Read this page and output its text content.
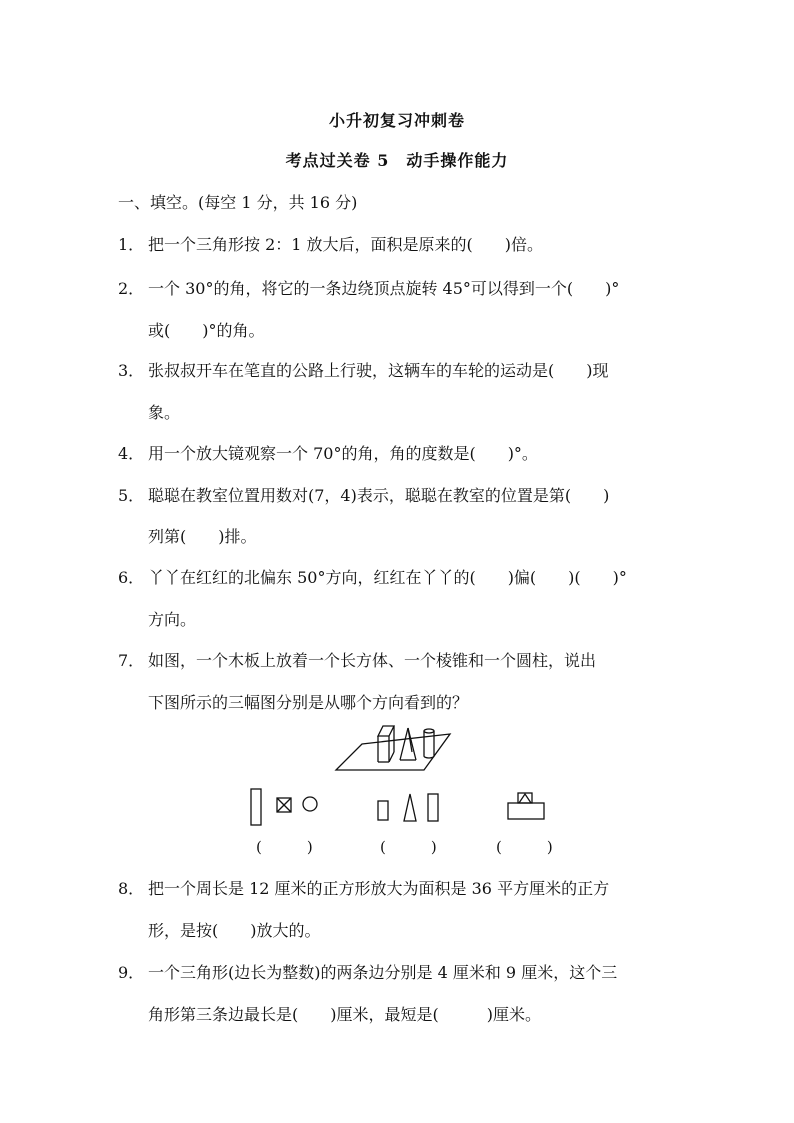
小升初复习冲刺卷
考点过关卷 5　动手操作能力
一、填空。(每空 1 分，共 16 分)
1． 把一个三角形按 2：1 放大后，面积是原来的(　　)倍。
2． 一个 30°的角，将它的一条边绕顶点旋转 45°可以得到一个(　　)°
或(　　)°的角。
3． 张叔叔开车在笔直的公路上行驶，这辆车的车轮的运动是(　　)现
象。
4． 用一个放大镜观察一个 70°的角，角的度数是(　　)°。
5． 聪聪在教室位置用数对(7，4)表示，聪聪在教室的位置是第(　　)
列第(　　)排。
6． 丫丫在红红的北偏东 50°方向，红红在丫丫的(　　)偏(　　)(　　)°
方向。
7． 如图，一个木板上放着一个长方体、一个棱锥和一个圆柱，说出
下图所示的三幅图分别是从哪个方向看到的？
(　　　)	(　　　)	(　　　)
8． 把一个周长是 12 厘米的正方形放大为面积是 36 平方厘米的正方
形，是按(　　)放大的。
9． 一个三角形(边长为整数)的两条边分别是 4 厘米和 9 厘米，这个三
角形第三条边最长是(　　)厘米，最短是(　　　)厘米。
